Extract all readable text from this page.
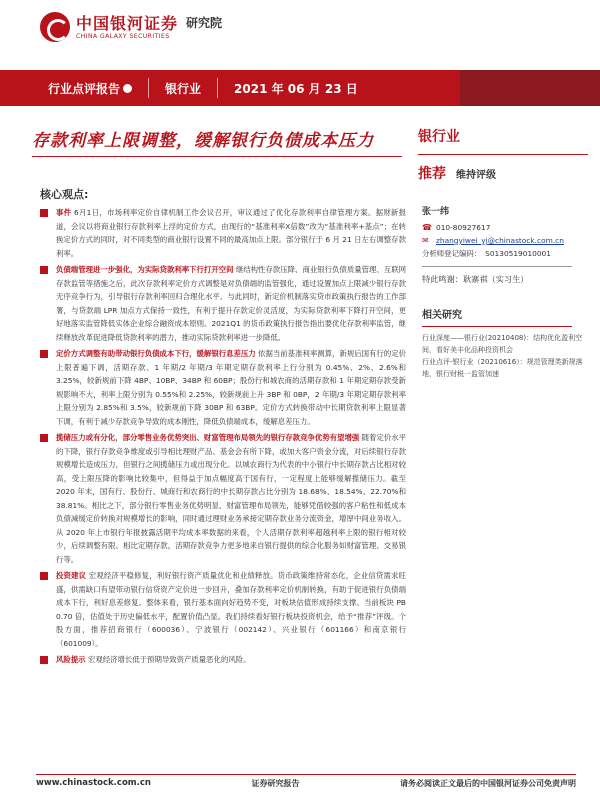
中国银河证券
CHINA GALAXY SECURITIES
研究院
行业点评报告	银行业	2021 年 06 月 23 日
存款利率上限调整，缓解银行负债成本压力	银行业
推荐 维持评级
核心观点:

事件 6月1日，市场利率定价自律机制工作会议召开，审议通过了优化存款利率自律管理方案。据财新报道，会议以将商业银行存款利率上浮的定价方式，由现行的“基准利率X倍数”改为“基准利率+基点”；在转换定价方式的同时，对不同类型的商业银行设置不同的最高加点上限。部分银行于 6 月 21 日左右调整存款利率。

负债端管理进一步强化，为实际贷款利率下行打开空间 继结构性存款压降、商业银行负债质量管理、互联网存款监管等措施之后，此次存款利率定价方式调整是对负债端的监管强化，通过设置加点上限减少银行存款无序竞争行为，引导银行存款利率回归合理化水平。与此同时，新定价机制落实贷市政策执行报告的工作部署，与贷款端 LPR 加点方式保持一致性，有利于提升存款定价灵活度，为实际贷款利率下降打开空间，更好地落实监管降低实体企业综合融资成本原则。2021Q1 的货币政策执行报告指出要优化存款利率监管，继续释放改革促进降低贷款利率的潜力，推动实际贷款利率进一步降低。

定价方式调整有助带动银行负债成本下行，缓解银行息差压力 依据当前基准利率测算，新规后国有行的定价上限普遍下调，活期存款、1 年期/2 年期/3 年期定期存款利率上行分别为 0.45%、2%、2.6%和 3.25%，较新规前下降 4BP、10BP、34BP 和 60BP；股份行和城农商的活期存款和 1 年期定期存款受新规影响不大，利率上限分别为 0.55%和 2.25%，较新规前上升 3BP 和 0BP，2 年期/3 年期定期存款利率上限分别为 2.85%和 3.5%，较新规前下降 30BP 和 63BP。定价方式转换带动中长期贷款利率上限显著下调，有利于减少存款竞争导致的成本刚性，降低负债端成本，缓解息差压力。

揽储压力或有分化，部分零售业务优势突出、财富管理布局领先的银行存款竞争优势有望增强 随着定价水平的下降，银行存款竞争维度或引导相比理财产品、基金会有所下降，或加大客户资金分流，对后续银行存款规模增长造成压力，但银行之间揽储压力或出现分化。以城农商行为代表的中小银行中长期存款占比相对较高，受上限压降的影响比较集中，但得益于加点幅度高于国有行，一定程度上能够缓解揽储压力。截至 2020 年末，国有行、股份行、城商行和农商行的中长期存款占比分别为 18.68%、18.54%、22.70%和 38.81%。相比之下，部分银行零售业务优势明显、财富管理布局领先，能够凭借较强的客户粘性和低成本负债减缓定价转换对规模增长的影响，同时通过理财业务承接定期存款业务分流资金，增厚中间业务收入。从 2020 年上市银行年报披露活期平均成本率数据的来看，个人活期存款利率超越利率上限的银行相对较少，后续调整有限。相比定期存款，活期存款竞争力更多地来自银行提供的综合化服务如财富管理、交易银行等。

投资建议 宏观经济平稳修复，利好银行资产质量优化和业绩释放。货币政策维持常态化，企业信贷需求旺盛，供需缺口有望带动银行信贷资产定价进一步回升，叠加存款利率定价机制转换，有助于促进银行负债端成本下行，利好息差修复。整体来看，银行基本面向好趋势不变，对板块估值形成持续支撑。当前板块 PB 0.70 倍，估值处于历史偏低水平，配置价值凸显。我们持续看好银行板块投资机会，给予“推荐”评级。个股方面，推荐招商银行（600036）、宁波银行（002142）、兴业银行（601166）和南京银行（601009）。

风险提示 宏观经济增长低于预期导致资产质量恶化的风险。

张一纬
☎ 010-80927617
✉ zhangyiwei_yj@chinastock.com.cn
分析师登记编码： S0130519010001
特此鸣谢：耿寨祺（实习生）
相关研究

行业深度——银行业(20210408)：结构优化盈利空间，看好美丰化品种投资机会

行业点评-银行业（20210616）：规范管理类新规落地，银行财税一监管加速

www.chinastock.com.cn	证券研究报告	请务必阅读正文最后的中国银河证券公司免责声明
